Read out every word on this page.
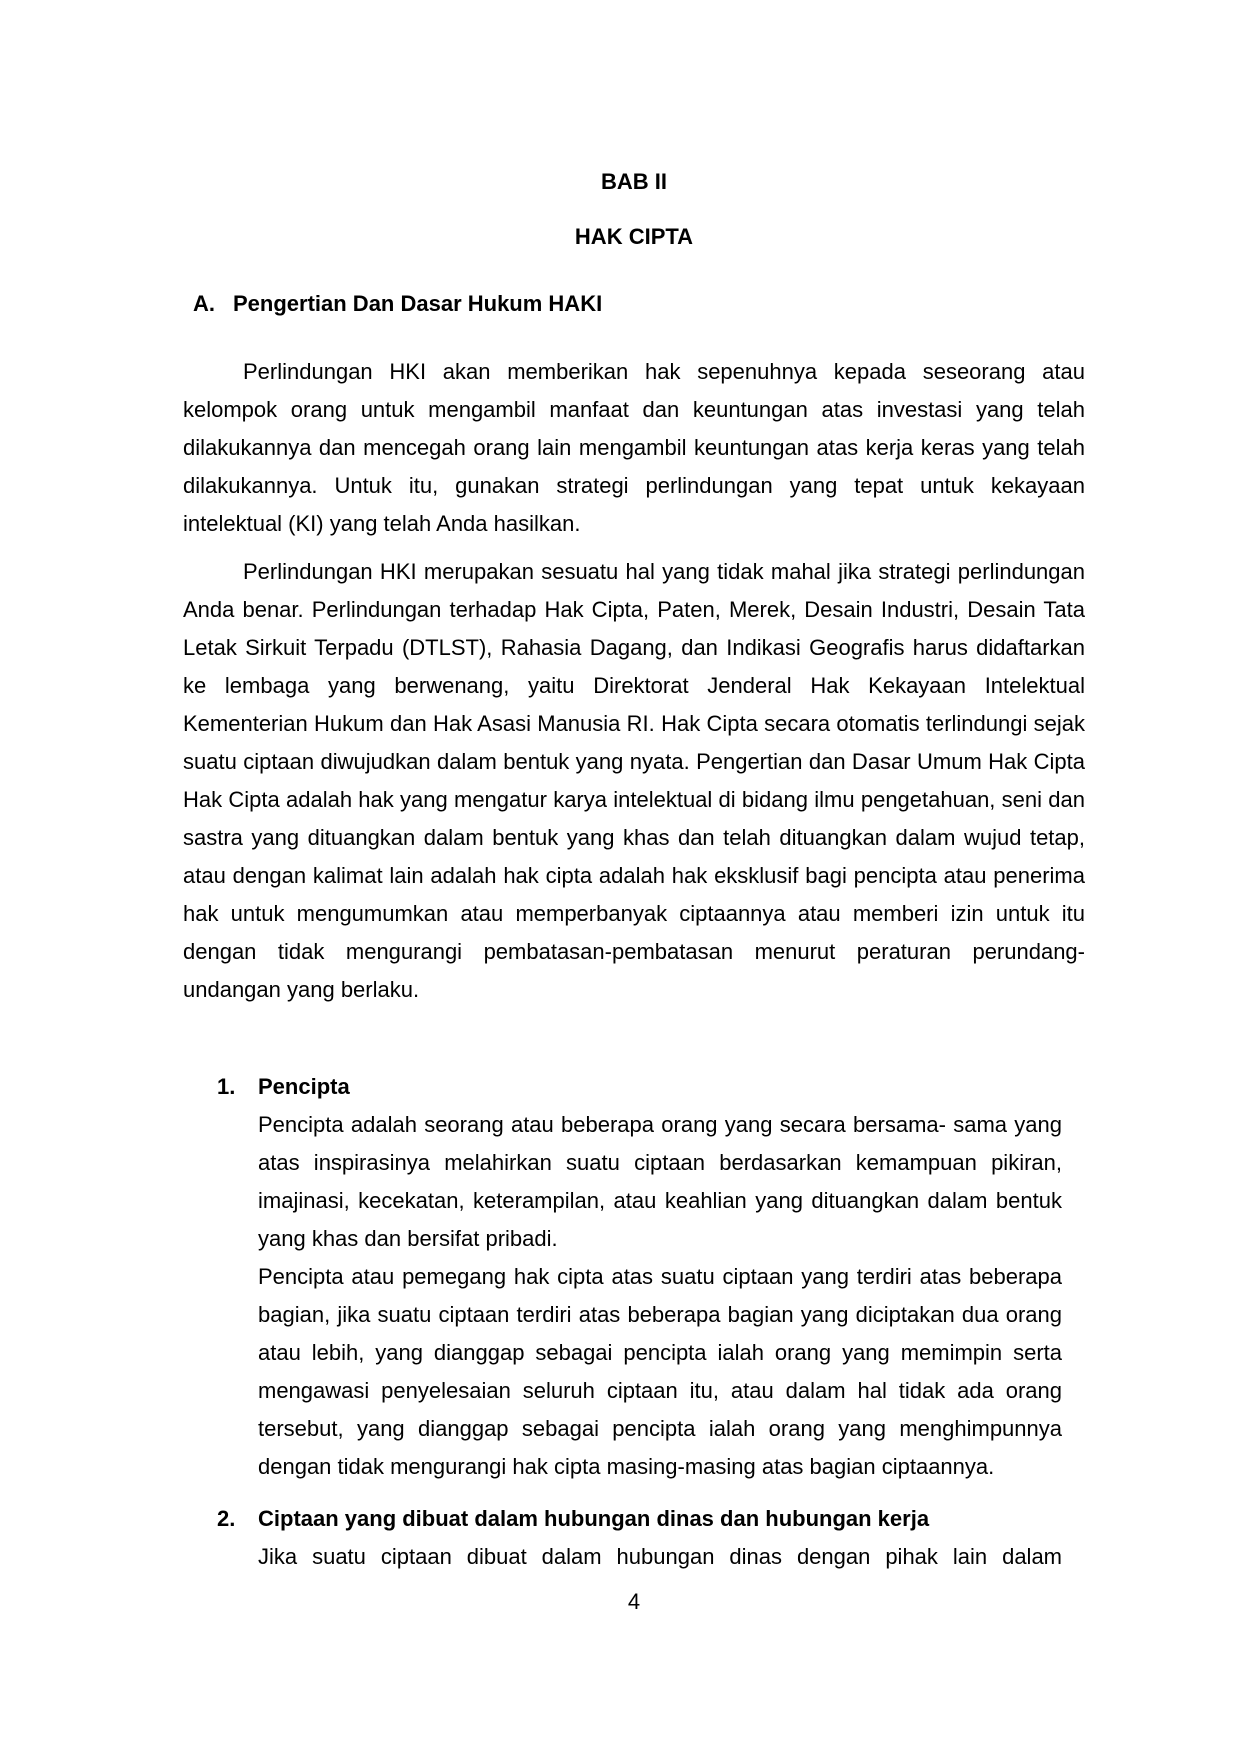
BAB II
HAK CIPTA
A. Pengertian Dan Dasar Hukum HAKI

Perlindungan HKI akan memberikan hak sepenuhnya kepada seseorang atau kelompok orang untuk mengambil manfaat dan keuntungan atas investasi yang telah dilakukannya dan mencegah orang lain mengambil keuntungan atas kerja keras yang telah dilakukannya. Untuk itu, gunakan strategi perlindungan yang tepat untuk kekayaan intelektual (KI) yang telah Anda hasilkan.

Perlindungan HKI merupakan sesuatu hal yang tidak mahal jika strategi perlindungan Anda benar. Perlindungan terhadap Hak Cipta, Paten, Merek, Desain Industri, Desain Tata Letak Sirkuit Terpadu (DTLST), Rahasia Dagang, dan Indikasi Geografis harus didaftarkan ke lembaga yang berwenang, yaitu Direktorat Jenderal Hak Kekayaan Intelektual Kementerian Hukum dan Hak Asasi Manusia RI. Hak Cipta secara otomatis terlindungi sejak suatu ciptaan diwujudkan dalam bentuk yang nyata. Pengertian dan Dasar Umum Hak Cipta Hak Cipta adalah hak yang mengatur karya intelektual di bidang ilmu pengetahuan, seni dan sastra yang dituangkan dalam bentuk yang khas dan telah dituangkan dalam wujud tetap, atau dengan kalimat lain adalah hak cipta adalah hak eksklusif bagi pencipta atau penerima hak untuk mengumumkan atau memperbanyak ciptaannya atau memberi izin untuk itu dengan tidak mengurangi pembatasan-pembatasan menurut peraturan perundang-undangan yang berlaku.

1.	Pencipta

Pencipta adalah seorang atau beberapa orang yang secara bersama- sama yang atas inspirasinya melahirkan suatu ciptaan berdasarkan kemampuan pikiran, imajinasi, kecekatan, keterampilan, atau keahlian yang dituangkan dalam bentuk yang khas dan bersifat pribadi.

Pencipta atau pemegang hak cipta atas suatu ciptaan yang terdiri atas beberapa bagian, jika suatu ciptaan terdiri atas beberapa bagian yang diciptakan dua orang atau lebih, yang dianggap sebagai pencipta ialah orang yang memimpin serta mengawasi penyelesaian seluruh ciptaan itu, atau dalam hal tidak ada orang tersebut, yang dianggap sebagai pencipta ialah orang yang menghimpunnya dengan tidak mengurangi hak cipta masing-masing atas bagian ciptaannya.

2.	Ciptaan yang dibuat dalam hubungan dinas dan hubungan kerja

Jika suatu ciptaan dibuat dalam hubungan dinas dengan pihak lain dalam

4
